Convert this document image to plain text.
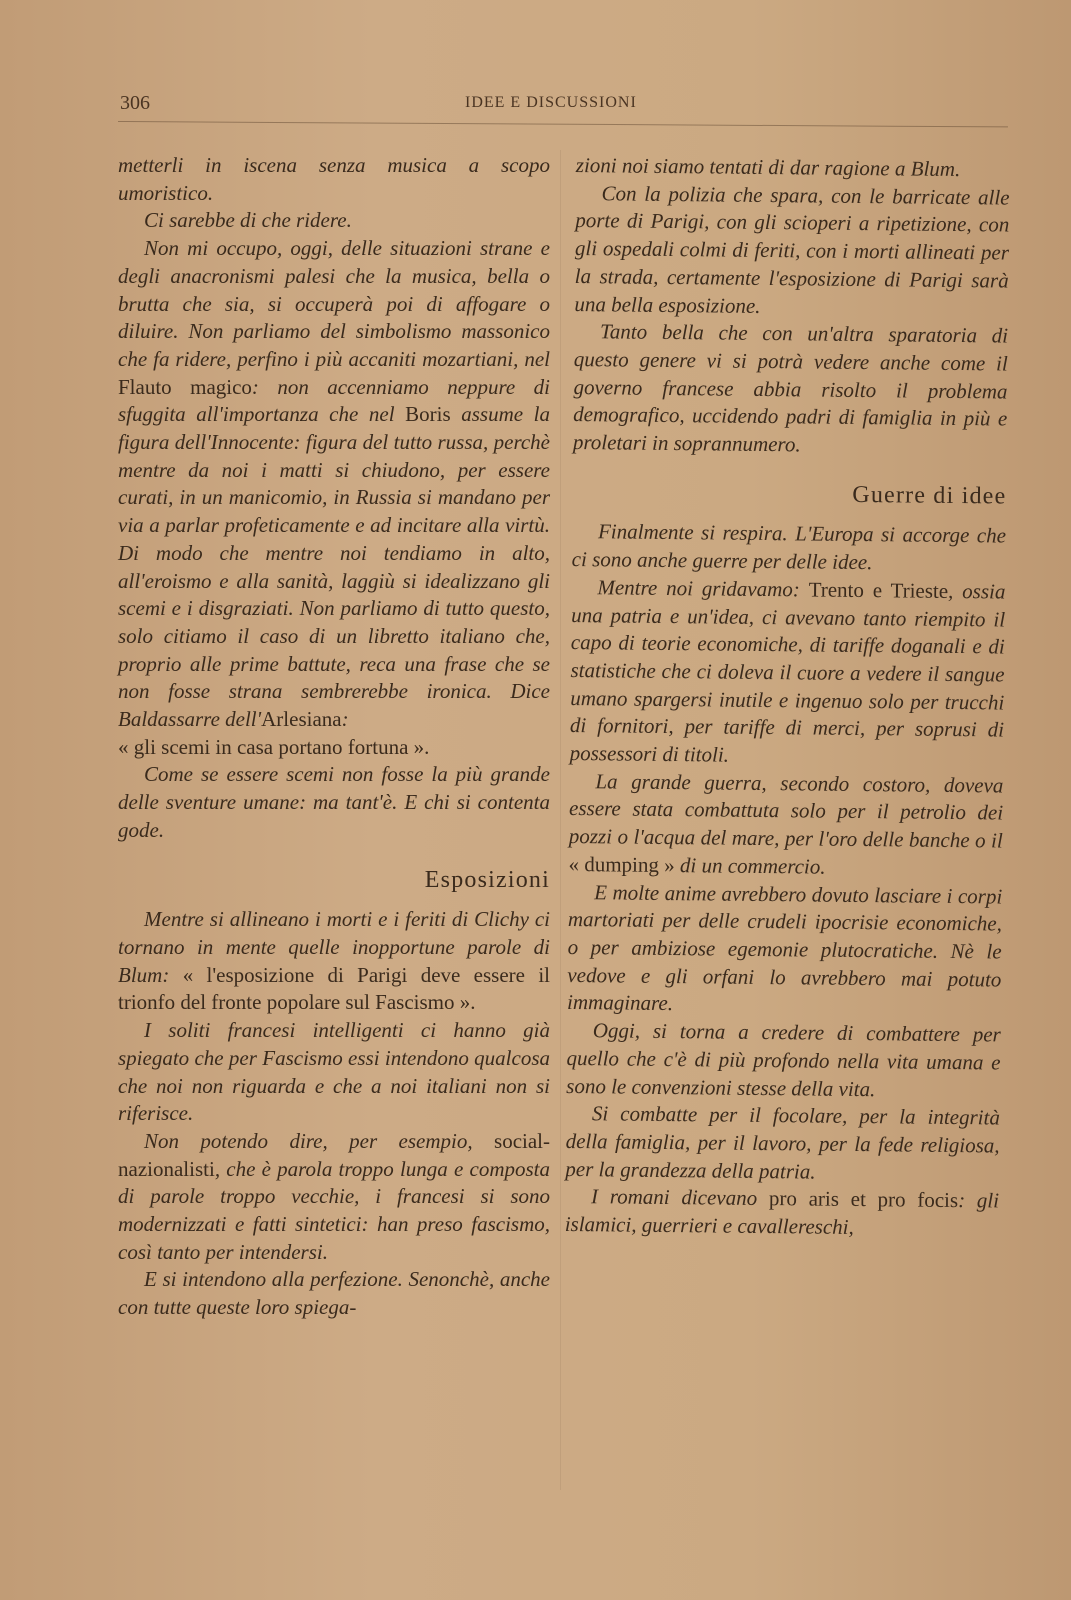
306	IDEE E DISCUSSIONI

metterli in iscena senza musica a scopo umoristico.

Ci sarebbe di che ridere.

Non mi occupo, oggi, delle situazioni strane e degli anacronismi palesi che la musica, bella o brutta che sia, si occuperà poi di affogare o diluire. Non parliamo del simbolismo massonico che fa ridere, perfino i più accaniti mozartiani, nel Flauto magico: non accenniamo neppure di sfuggita all'importanza che nel Boris assume la figura dell'Innocente: figura del tutto russa, perchè mentre da noi i matti si chiudono, per essere curati, in un manicomio, in Russia si mandano per via a parlar profeticamente e ad incitare alla virtù. Di modo che mentre noi tendiamo in alto, all'eroismo e alla sanità, laggiù si idealizzano gli scemi e i disgraziati. Non parliamo di tutto questo, solo citiamo il caso di un libretto italiano che, proprio alle prime battute, reca una frase che se non fosse strana sembrerebbe ironica. Dice Baldassarre dell'Arlesiana:
« gli scemi in casa portano fortuna ».

Come se essere scemi non fosse la più grande delle sventure umane: ma tant'è. E chi si contenta gode.

Esposizioni

Mentre si allineano i morti e i feriti di Clichy ci tornano in mente quelle inopportune parole di Blum: « l'esposizione di Parigi deve essere il trionfo del fronte popolare sul Fascismo ».

I soliti francesi intelligenti ci hanno già spiegato che per Fascismo essi intendono qualcosa che noi non riguarda e che a noi italiani non si riferisce.

Non potendo dire, per esempio, social-nazionalisti, che è parola troppo lunga e composta di parole troppo vecchie, i francesi si sono modernizzati e fatti sintetici: han preso fascismo, così tanto per intendersi.

E si intendono alla perfezione. Senonchè, anche con tutte queste loro spiega-

zioni noi siamo tentati di dar ragione a Blum.

Con la polizia che spara, con le barricate alle porte di Parigi, con gli scioperi a ripetizione, con gli ospedali colmi di feriti, con i morti allineati per la strada, certamente l'esposizione di Parigi sarà una bella esposizione.

Tanto bella che con un'altra sparatoria di questo genere vi si potrà vedere anche come il governo francese abbia risolto il problema demografico, uccidendo padri di famiglia in più e proletari in soprannumero.

Guerre di idee

Finalmente si respira. L'Europa si accorge che ci sono anche guerre per delle idee.

Mentre noi gridavamo: Trento e Trieste, ossia una patria e un'idea, ci avevano tanto riempito il capo di teorie economiche, di tariffe doganali e di statistiche che ci doleva il cuore a vedere il sangue umano spargersi inutile e ingenuo solo per trucchi di fornitori, per tariffe di merci, per soprusi di possessori di titoli.

La grande guerra, secondo costoro, doveva essere stata combattuta solo per il petrolio dei pozzi o l'acqua del mare, per l'oro delle banche o il « dumping » di un commercio.

E molte anime avrebbero dovuto lasciare i corpi martoriati per delle crudeli ipocrisie economiche, o per ambiziose egemonie plutocratiche. Nè le vedove e gli orfani lo avrebbero mai potuto immaginare.

Oggi, si torna a credere di combattere per quello che c'è di più profondo nella vita umana e sono le convenzioni stesse della vita.

Si combatte per il focolare, per la integrità della famiglia, per il lavoro, per la fede religiosa, per la grandezza della patria.

I romani dicevano pro aris et pro focis: gli islamici, guerrieri e cavallereschi,
